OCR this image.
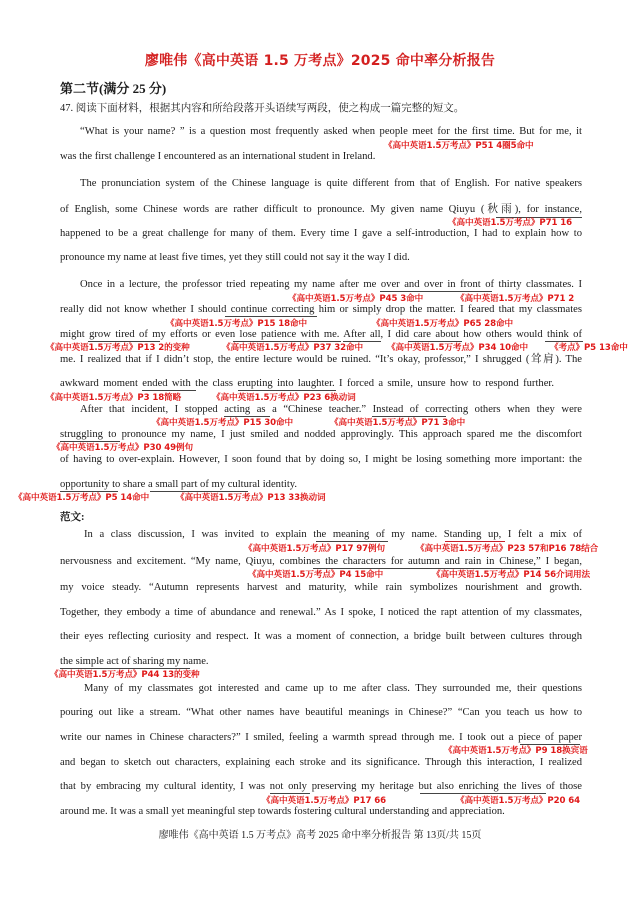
廖唯伟《高中英语 1.5 万考点》2025 命中率分析报告
第二节(满分 25 分)
47. 阅读下面材料，根据其内容和所给段落开头语续写两段，使之构成一篇完整的短文。
“What is your name? ” is a question most frequently asked when people meet for the first time. But for me, it
was the first challenge I encountered as an international student in Ireland.
The pronunciation system of the Chinese language is quite different from that of English. For native speakers
of English, some Chinese words are rather difficult to pronounce. My given name Qiuyu (秋雨), for instance,
happened to be a great challenge for many of them. Every time I gave a self-introduction, I had to explain how to
pronounce my name at least five times, yet they still could not say it the way I did.
Once in a lecture, the professor tried repeating my name after me over and over in front of thirty classmates. I
really did not know whether I should continue correcting him or simply drop the matter. I feared that my classmates
might grow tired of my efforts or even lose patience with me. After all, I did care about how others would think of
me. I realized that if I didn’t stop, the entire lecture would be ruined. “It’s okay, professor,” I shrugged (耸肩). The
awkward moment ended with the class erupting into laughter. I forced a smile, unsure how to respond further.
After that incident, I stopped acting as a “Chinese teacher.” Instead of correcting others when they were
struggling to pronounce my name, I just smiled and nodded approvingly. This approach spared me the discomfort
of having to over-explain. However, I soon found that by doing so, I might be losing something more important: the
opportunity to share a small part of my cultural identity.
范文:
In a class discussion, I was invited to explain the meaning of my name. Standing up, I felt a mix of
nervousness and excitement. “My name, Qiuyu, combines the characters for autumn and rain in Chinese,” I began,
my voice steady. “Autumn represents harvest and maturity, while rain symbolizes nourishment and growth.
Together, they embody a time of abundance and renewal.” As I spoke, I noticed the rapt attention of my classmates,
their eyes reflecting curiosity and respect. It was a moment of connection, a bridge built between cultures through
the simple act of sharing my name.
Many of my classmates got interested and came up to me after class. They surrounded me, their questions
pouring out like a stream. “What other names have beautiful meanings in Chinese?” “Can you teach us how to
write our names in Chinese characters?” I smiled, feeling a warmth spread through me. I took out a piece of paper
and began to sketch out characters, explaining each stroke and its significance. Through this interaction, I realized
that by embracing my cultural identity, I was not only preserving my heritage but also enriching the lives of those
around me. It was a small yet meaningful step towards fostering cultural understanding and appreciation.
《高中英语1.5万考点》P51 4圈5命中
《高中英语1.5万考点》P71 16
《高中英语1.5万考点》P45 3命中	《高中英语1.5万考点》P71 2
《高中英语1.5万考点》P15 18命中	《高中英语1.5万考点》P65 28命中
《高中英语1.5万考点》P13 2的变种	《高中英语1.5万考点》P37 32命中	《高中英语1.5万考点》P34 10命中	《考点》P5 13命中
《高中英语1.5万考点》P3 18简略	《高中英语1.5万考点》P23 6换动词
《高中英语1.5万考点》P15 30命中	《高中英语1.5万考点》P71 3命中
《高中英语1.5万考点》P30 49例句
《高中英语1.5万考点》P5 14命中	《高中英语1.5万考点》P13 33换动词
《高中英语1.5万考点》P17 97例句	《高中英语1.5万考点》P23 57和P16 78结合
《高中英语1.5万考点》P4 15命中	《高中英语1.5万考点》P14 56介词用法
《高中英语1.5万考点》P44 13的变种
《高中英语1.5万考点》P9 18换宾语
《高中英语1.5万考点》P17 66	《高中英语1.5万考点》P20 64
廖唯伟《高中英语 1.5 万考点》高考 2025 命中率分析报告 第 13页/共 15页
